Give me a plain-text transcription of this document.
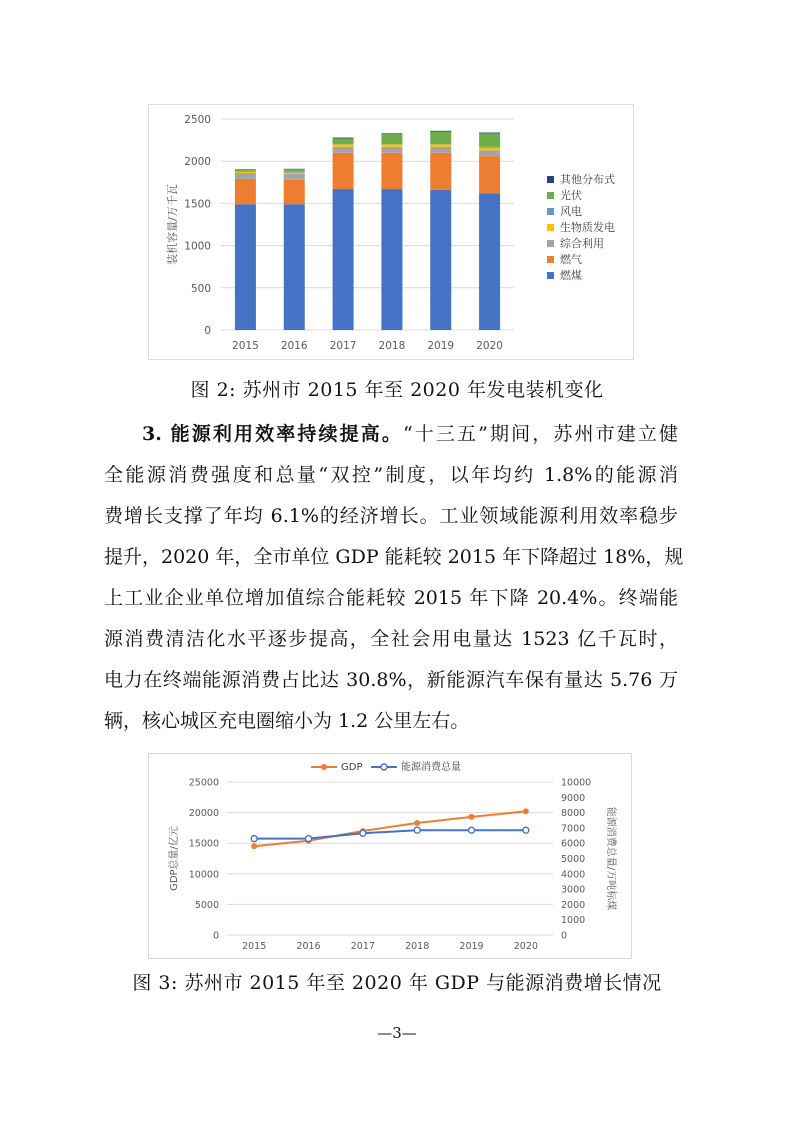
0
500
1000
1500
2000
2500
2015 2016 2017 2018 2019 2020
装机容量/万千瓦
其他分布式
光伏
风电
生物质发电
综合利用
燃气
燃煤
图 2: 苏州市 2015 年至 2020 年发电装机变化
3. 能源利用效率持续提高。“十三五”期间，苏州市建立健
全能源消费强度和总量“双控”制度，以年均约 1.8%的能源消
费增长支撑了年均 6.1%的经济增长。工业领域能源利用效率稳步
提升，2020 年，全市单位 GDP 能耗较 2015 年下降超过 18%，规
上工业企业单位增加值综合能耗较 2015 年下降 20.4%。终端能
源消费清洁化水平逐步提高，全社会用电量达 1523 亿千瓦时，
电力在终端能源消费占比达 30.8%，新能源汽车保有量达 5.76 万
辆，核心城区充电圈缩小为 1.2 公里左右。
0
5000
10000
15000
20000
25000
0
1000
2000
3000
4000
5000
6000
7000
8000
9000
10000
2015	2016	2017	2018	2019	2020
GDP总量/亿元	能源消费总量/万吨标煤
GDP	能源消费总量
图 3: 苏州市 2015 年至 2020 年 GDP 与能源消费增长情况
—3—
